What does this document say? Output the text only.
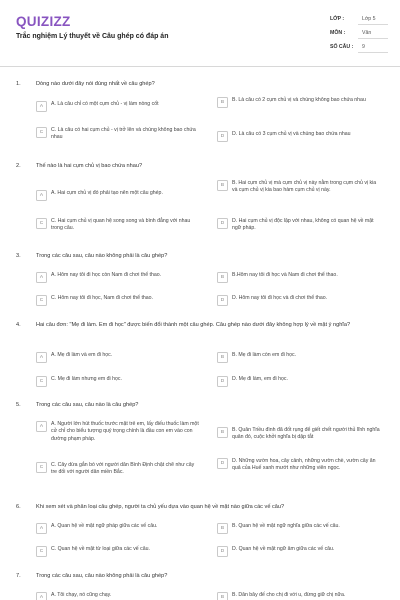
QUIZIZZ
Trắc nghiệm Lý thuyết về Câu ghép có đáp án
LỚP :	Lớp 5
MÔN :	Văn
SỐ CÂU :	9
1.	Dòng nào dưới đây nói đúng nhất về câu ghép?
A	A. Là câu chỉ có một cụm chủ - vị làm nòng cốt	B	B. Là câu có 2 cụm chủ vị và chúng không bao chứa nhau
C	C. Là câu có hai cụm chủ - vị trở lên và chúng không bao chứa nhau	D	D. Là câu có 3 cụm chủ vị và chúng bao chứa nhau
2.	Thế nào là hai cụm chủ vị bao chứa nhau?
A	A. Hai cụm chủ vị đó phải tạo nên một câu ghép.
B	B. Hai cụm chủ vị mà cụm chủ vị này nằm trong cụm chủ vị kia và cụm chủ vị kia bao hàm cụm chủ vị này.
C	C. Hai cụm chủ vị quan hệ song song và bình đẳng với nhau trong câu.
D	D. Hai cụm chủ vị độc lập với nhau, không có quan hệ về mặt ngữ pháp.
3.	Trong các câu sau, câu nào không phải là câu ghép?
A	A. Hôm nay tôi đi học còn Nam đi chơi thể thao.	B	B.Hôm nay tôi đi học và Nam đi chơi thể thao.
C	C. Hôm nay tôi đi học, Nam đi chơi thể thao.	D	D. Hôm nay tôi đi học và đi chơi thể thao.
4.	Hai câu đơn: "Mẹ đi làm. Em đi học" được biến đổi thành một câu ghép. Câu ghép nào dưới đây không hợp lý về mặt ý nghĩa?
A	A. Mẹ đi làm và em đi học.	B	B. Mẹ đi làm còn em đi học.
C	C. Mẹ đi làm nhưng em đi học.	D	D. Mẹ đi làm, em đi học.
5.	Trong các câu sau, câu nào là câu ghép?
A	A. Người lớn hút thuốc trước mặt trẻ em, lấy điếu thuốc làm một cử chỉ cho biểu tượng quý trọng chính là đầu con em vào con đường phạm pháp.
B	B. Quân Triều đình đã đốt rụng để giết chết người thủ lĩnh nghĩa quân đó, cuộc khởi nghĩa bị dập tắt
C	C. Cây dừa gắn bó với người dân Bình Định chặt chẽ như cây tre đối với người dân miền Bắc.
D	D. Những vườn hoa, cây cảnh, những vườn chè, vườn cây ăn quả của Huế xanh mướt như những viên ngọc.
6.	Khi xem xét và phân loại câu ghép, người ta chủ yếu dựa vào quan hệ về mặt nào giữa các vế câu?
A	A. Quan hệ về mặt ngữ pháp giữa các vế câu.	B	B. Quan hệ về mặt ngữ nghĩa giữa các vế câu.
C	C. Quan hệ về mặt từ loại giữa các vế câu.	D	D. Quan hệ về mặt ngữ âm giữa các vế câu.
7.	Trong các câu sau, câu nào không phải là câu ghép?
A	A. Tôi chạy, nó cũng chạy.	B	B. Dân bây đế cho chị đi với u, đừng giữ chị nữa.
